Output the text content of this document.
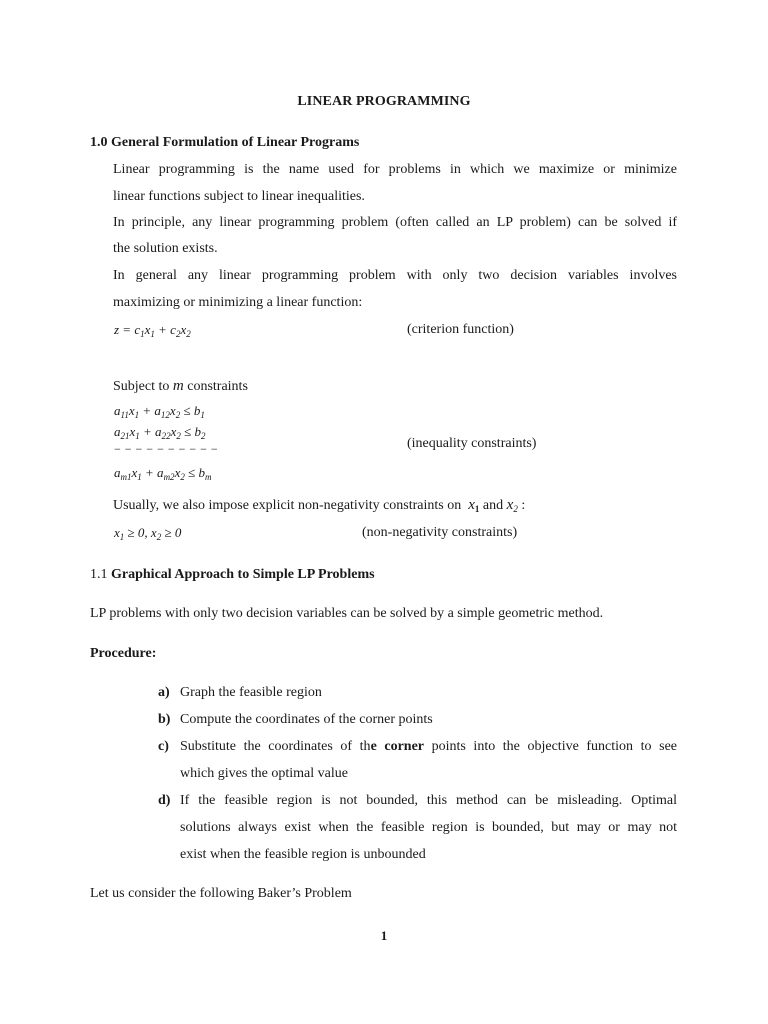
LINEAR PROGRAMMING
1.0 General Formulation of Linear Programs
Linear programming is the name used for problems in which we maximize or minimize
linear functions subject to linear inequalities.
In principle, any linear programming problem (often called an LP problem) can be solved if
the solution exists.
In general any linear programming problem with only two decision variables involves
maximizing or minimizing a linear function:
$z = c_1x_1 + c_2x_2$	(criterion function)
Subject to m constraints
$a_{11}x_1 + a_{12}x_2 \le b_1$
$a_{21}x_1 + a_{22}x_2 \le b_2$
− − − − − − − − − −
$a_{m1}x_1 + a_{m2}x_2 \le b_m$
(inequality constraints)
Usually, we also impose explicit non-negativity constraints on $x_1$ and $x_2$ :
$x_1 \ge 0$, $x_2 \ge 0$	(non-negativity constraints)
1.1 Graphical Approach to Simple LP Problems
LP problems with only two decision variables can be solved by a simple geometric method.
Procedure:
a) Graph the feasible region
b) Compute the coordinates of the corner points
c) Substitute the coordinates of the corner points into the objective function to see
which gives the optimal value
d) If the feasible region is not bounded, this method can be misleading. Optimal
solutions always exist when the feasible region is bounded, but may or may not
exist when the feasible region is unbounded
Let us consider the following Baker’s Problem
1
